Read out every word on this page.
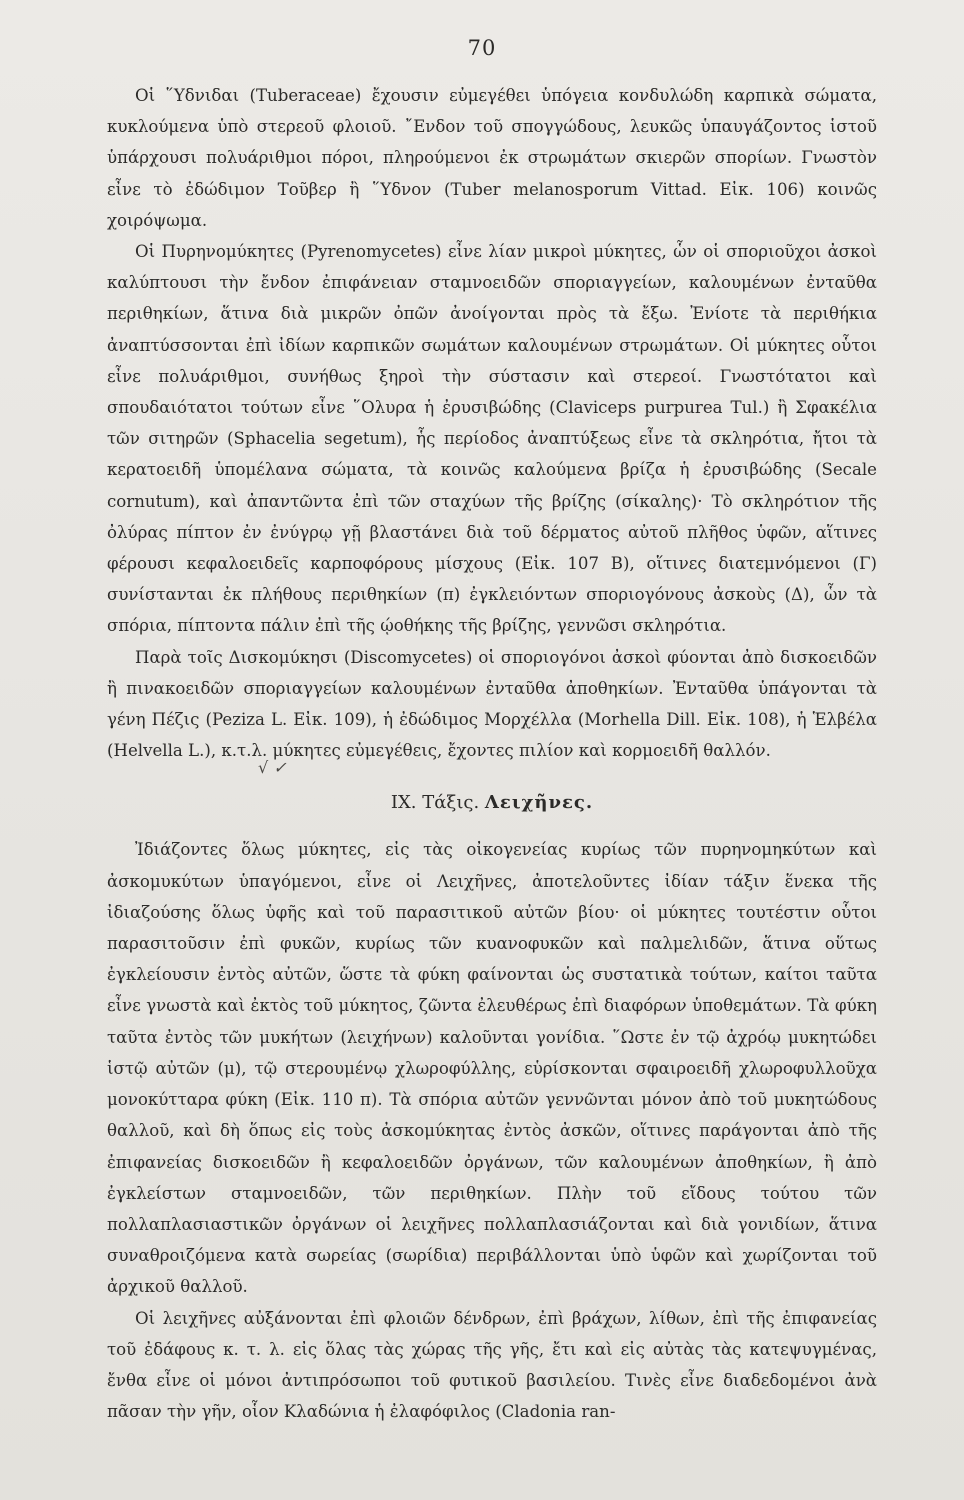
70

Οἱ ῞Υδνιδαι (Tuberaceae) ἔχουσιν εὐμεγέθει ὑπόγεια κονδυλώδη καρπικὰ σώματα, κυκλούμενα ὑπὸ στερεοῦ φλοιοῦ. ῎Ενδον τοῦ σπογγώδους, λευκῶς ὑπαυγάζοντος ἱστοῦ ὑπάρχουσι πολυάριθμοι πόροι, πληρούμενοι ἐκ στρωμάτων σκιερῶν σπορίων. Γνωστὸν εἶνε τὸ ἐδώδιμον Τοῦβερ ἢ ῞Υδνον (Tuber melanosporum Vittad. Εἰκ. 106) κοινῶς χοιρόψωμα.

Οἱ Πυρηνομύκητες (Pyrenomycetes) εἶνε λίαν μικροὶ μύκητες, ὧν οἱ σποριοῦχοι ἀσκοὶ καλύπτουσι τὴν ἔνδον ἐπιφάνειαν σταμνοειδῶν σποριαγγείων, καλουμένων ἐνταῦθα περιθηκίων, ἅτινα διὰ μικρῶν ὀπῶν ἀνοίγονται πρὸς τὰ ἔξω. Ἐνίοτε τὰ περιθήκια ἀναπτύσσονται ἐπὶ ἰδίων καρπικῶν σωμάτων καλουμένων στρωμάτων. Οἱ μύκητες οὗτοι εἶνε πολυάριθμοι, συνήθως ξηροὶ τὴν σύστασιν καὶ στερεοί. Γνωστότατοι καὶ σπουδαιότατοι τούτων εἶνε ῞Ολυρα ἡ ἐρυσιβώδης (Claviceps purpurea Tul.) ἢ Σφακέλια τῶν σιτηρῶν (Sphacelia segetum), ἧς περίοδος ἀναπτύξεως εἶνε τὰ σκληρότια, ἤτοι τὰ κερατοειδῆ ὑπομέλανα σώματα, τὰ κοινῶς καλούμενα βρίζα ἡ ἐρυσιβώδης (Secale cornutum), καὶ ἀπαντῶντα ἐπὶ τῶν σταχύων τῆς βρίζης (σίκαλης)· Τὸ σκληρότιον τῆς ὀλύρας πίπτον ἐν ἐνύγρῳ γῇ βλαστάνει διὰ τοῦ δέρματος αὐτοῦ πλῆθος ὑφῶν, αἵτινες φέρουσι κεφαλοειδεῖς καρποφόρους μίσχους (Εἰκ. 107 Β), οἵτινες διατεμνόμενοι (Γ) συνίστανται ἐκ πλήθους περιθηκίων (π) ἐγκλειόντων σποριογόνους ἀσκοὺς (Δ), ὧν τὰ σπόρια, πίπτοντα πάλιν ἐπὶ τῆς ῴοθήκης τῆς βρίζης, γεννῶσι σκληρότια.

Παρὰ τοῖς Δισκομύκησι (Discomycetes) οἱ σποριογόνοι ἀσκοὶ φύονται ἀπὸ δισκοειδῶν ἢ πινακοειδῶν σποριαγγείων καλουμένων ἐνταῦθα ἀποθηκίων. Ἐνταῦθα ὑπάγονται τὰ γένη Πέζις (Peziza L. Εἰκ. 109), ἡ ἐδώδιμος Μορχέλλα (Morhella Dill. Εἰκ. 108), ἡ Ἑλβέλα (Helvella L.), κ.τ.λ. μύκητες εὐμεγέθεις, ἔχοντες πιλίον καὶ κορμοειδῆ θαλλόν.

IX. Τάξις. Λειχῆνες.

Ἰδιάζοντες ὅλως μύκητες, εἰς τὰς οἰκογενείας κυρίως τῶν πυρηνομηκύτων καὶ ἀσκομυκύτων ὑπαγόμενοι, εἶνε οἱ Λειχῆνες, ἀποτελοῦντες ἰδίαν τάξιν ἕνεκα τῆς ἰδιαζούσης ὅλως ὑφῆς καὶ τοῦ παρασιτικοῦ αὐτῶν βίου· οἱ μύκητες τουτέστιν οὗτοι παρασιτοῦσιν ἐπὶ φυκῶν, κυρίως τῶν κυανοφυκῶν καὶ παλμελιδῶν, ἅτινα οὕτως ἐγκλείουσιν ἐντὸς αὐτῶν, ὥστε τὰ φύκη φαίνονται ὡς συστατικὰ τούτων, καίτοι ταῦτα εἶνε γνωστὰ καὶ ἐκτὸς τοῦ μύκητος, ζῶντα ἐλευθέρως ἐπὶ διαφόρων ὑποθεμάτων. Τὰ φύκη ταῦτα ἐντὸς τῶν μυκήτων (λειχήνων) καλοῦνται γονίδια. ῞Ωστε ἐν τῷ ἀχρόῳ μυκητώδει ἱστῷ αὐτῶν (μ), τῷ στερουμένῳ χλωροφύλλης, εὑρίσκονται σφαιροειδῆ χλωροφυλλοῦχα μονοκύτταρα φύκη (Εἰκ. 110 π). Τὰ σπόρια αὐτῶν γεννῶνται μόνον ἀπὸ τοῦ μυκητώδους θαλλοῦ, καὶ δὴ ὅπως εἰς τοὺς ἀσκομύκητας ἐντὸς ἀσκῶν, οἵτινες παράγονται ἀπὸ τῆς ἐπιφανείας δισκοειδῶν ἢ κεφαλοειδῶν ὀργάνων, τῶν καλουμένων ἀποθηκίων, ἢ ἀπὸ ἐγκλείστων σταμνοειδῶν, τῶν περιθηκίων. Πλὴν τοῦ εἴδους τούτου τῶν πολλαπλασιαστικῶν ὀργάνων οἱ λειχῆνες πολλαπλασιάζονται καὶ διὰ γονιδίων, ἅτινα συναθροιζόμενα κατὰ σωρείας (σωρίδια) περιβάλλονται ὑπὸ ὑφῶν καὶ χωρίζονται τοῦ ἀρχικοῦ θαλλοῦ.

Οἱ λειχῆνες αὐξάνονται ἐπὶ φλοιῶν δένδρων, ἐπὶ βράχων, λίθων, ἐπὶ τῆς ἐπιφανείας τοῦ ἐδάφους κ. τ. λ. εἰς ὅλας τὰς χώρας τῆς γῆς, ἔτι καὶ εἰς αὐτὰς τὰς κατεψυγμένας, ἔνθα εἶνε οἱ μόνοι ἀντιπρόσωποι τοῦ φυτικοῦ βασιλείου. Τινὲς εἶνε διαδεδομένοι ἀνὰ πᾶσαν τὴν γῆν, οἷον Κλαδώνια ἡ ἐλαφόφιλος (Cladonia ran-

√ ✓
